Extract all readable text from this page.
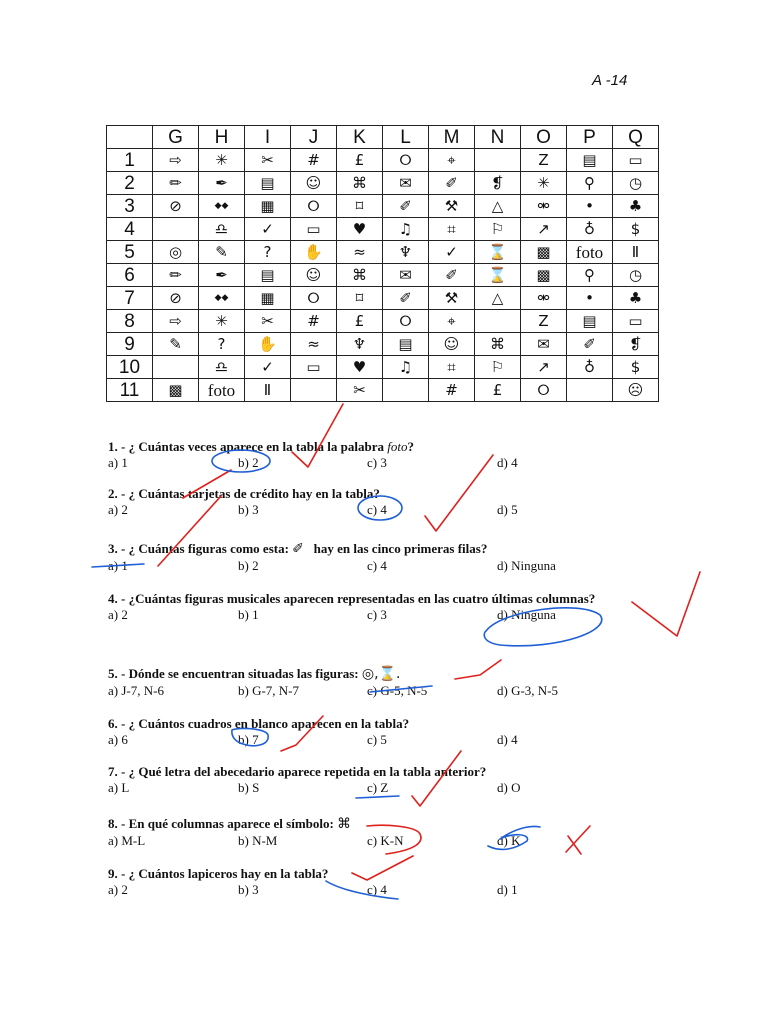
A -14
	G	H	I	J	K	L	M	N	O	P	Q
1	⇨	✳	✂	#	£	⭘	⌖		Z	▤	▭
2	✏	✒	▤	☺	⌘	✉	✐	❡	✳	⚲	◷
3	⊘	◆◆	▦	⭘	⌑	✐	⚒	△	⚮	•	♣
4		♎	✓	▭	♥	♫	⌗	⚐	↗	♁	$
5	◎	✎	?	✋	≈	♆	✓	⌛	▩	foto	Ⅱ
6	✏	✒	▤	☺	⌘	✉	✐	⌛	▩	⚲	◷
7	⊘	◆◆	▦	⭘	⌑	✐	⚒	△	⚮	•	♣
8	⇨	✳	✂	#	£	⭘	⌖		Z	▤	▭
9	✎	?	✋	≈	♆	▤	☺	⌘	✉	✐	❡
10		♎	✓	▭	♥	♫	⌗	⚐	↗	♁	$
11	▩	foto	Ⅱ		✂		#	£	⭘		☹
1. - ¿ Cuántas veces aparece en la tabla la palabra foto?
a) 1	b) 2	c) 3	d) 4
2. - ¿ Cuántas tarjetas de crédito hay en la tabla?
a) 2	b) 3	c) 4	d) 5
3. - ¿ Cuántas figuras como esta: ✐ hay en las cinco primeras filas?
a) 1	b) 2	c) 4	d) Ninguna
4. - ¿Cuántas figuras musicales aparecen representadas en las cuatro últimas columnas?
a) 2	b) 1	c) 3	d) Ninguna
5. - Dónde se encuentran situadas las figuras: ◎,⌛.
a) J-7, N-6	b) G-7, N-7	c) G-5, N-5	d) G-3, N-5
6. - ¿ Cuántos cuadros en blanco aparecen en la tabla?
a) 6	b) 7	c) 5	d) 4
7. - ¿ Qué letra del abecedario aparece repetida en la tabla anterior?
a) L	b) S	c) Z	d) O
8. - En qué columnas aparece el símbolo: ⌘
a) M-L	b) N-M	c) K-N	d) K
9. - ¿ Cuántos lapiceros hay en la tabla?
a) 2	b) 3	c) 4	d) 1
